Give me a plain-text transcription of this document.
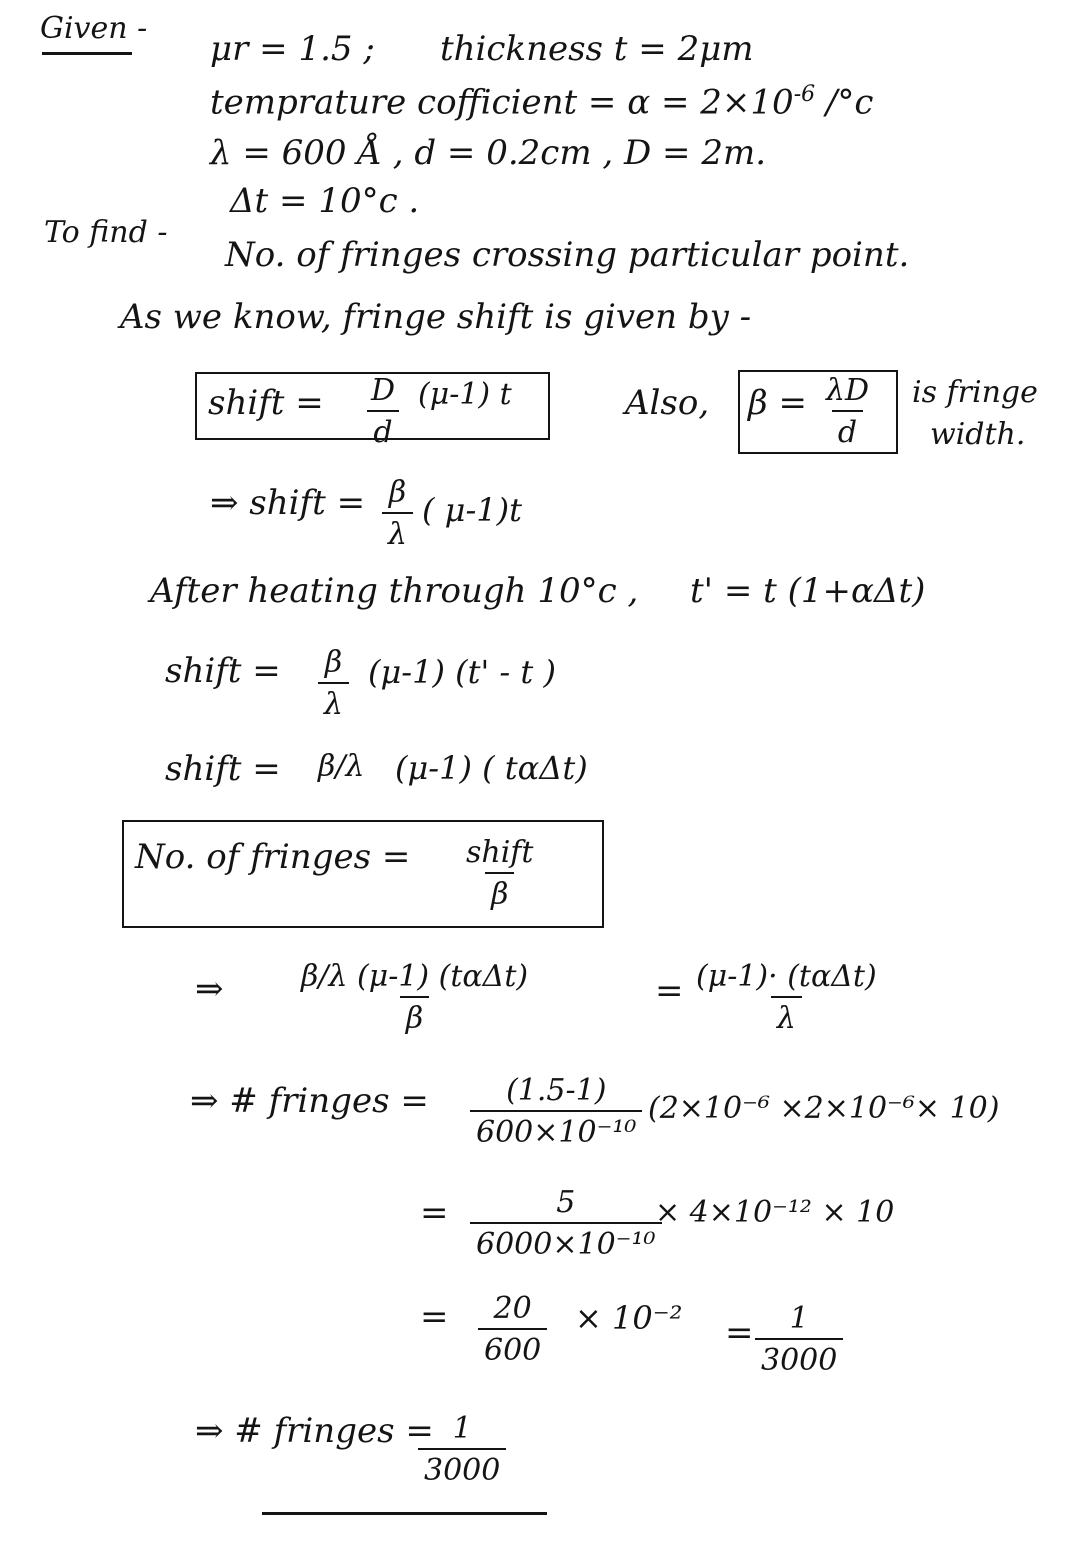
Given -
μr = 1.5 ; thickness t = 2μm
temprature cofficient = $\alpha = 2\times 10^{-6}$ /°c
λ = 600 Å , d = 0.2cm , D = 2m.
Δt = 10°c .
To find -
No. of fringes crossing particular point.
As we know, fringe shift is given by -
shift = $\frac{D}{d} (\mu-1)$ t	Also, $\beta = \frac{\lambda D}{d}$ is fringe
width.
⇒ shift = $\frac{\beta}{\lambda}$ ( μ-1)t
After heating through 10°c , t' = t (1+αΔt)
shift = $\frac{\beta}{\lambda} (\mu-1)$ (t' - t )
shift = β/λ (μ-1) ( tαΔt)
No. of fringes = shift
β
⇒	β/λ (μ-1) (tαΔt)
β
= (μ-1)· (tαΔt)
λ
⇒ # fringes = $\frac{(1.5-1)}{\text{600×10⁻¹⁰}} (2\times 10^{-6} \times 2\times 10^{-6}\times 10)$
= $\frac{5}{\text{6000×10⁻¹⁰}}$
× 4×10⁻¹² × 10
= $\frac{20}{600} \times 10^{-2} = \frac{1}{3000}$
⇒ # fringes =
$\frac{1}{3000}$
